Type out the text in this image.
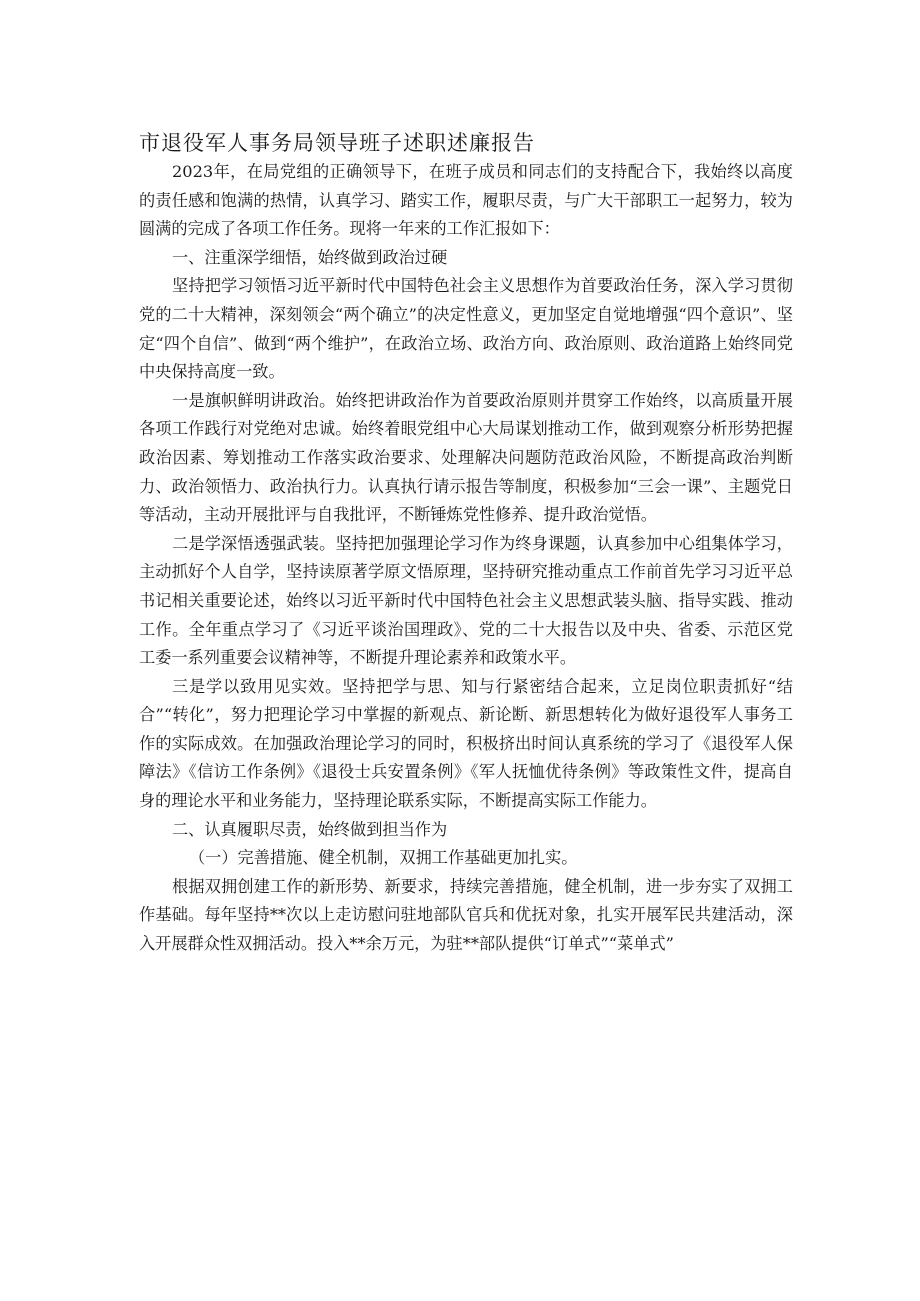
市退役军人事务局领导班子述职述廉报告

2023年，在局党组的正确领导下，在班子成员和同志们的支持配合下，我始终以高度的责任感和饱满的热情，认真学习、踏实工作，履职尽责，与广大干部职工一起努力，较为圆满的完成了各项工作任务。现将一年来的工作汇报如下：

一、注重深学细悟，始终做到政治过硬

坚持把学习领悟习近平新时代中国特色社会主义思想作为首要政治任务，深入学习贯彻党的二十大精神，深刻领会“两个确立”的决定性意义，更加坚定自觉地增强“四个意识”、坚定“四个自信”、做到“两个维护”，在政治立场、政治方向、政治原则、政治道路上始终同党中央保持高度一致。

一是旗帜鲜明讲政治。始终把讲政治作为首要政治原则并贯穿工作始终，以高质量开展各项工作践行对党绝对忠诚。始终着眼党组中心大局谋划推动工作，做到观察分析形势把握政治因素、筹划推动工作落实政治要求、处理解决问题防范政治风险，不断提高政治判断力、政治领悟力、政治执行力。认真执行请示报告等制度，积极参加“三会一课”、主题党日等活动，主动开展批评与自我批评，不断锤炼党性修养、提升政治觉悟。

二是学深悟透强武装。坚持把加强理论学习作为终身课题，认真参加中心组集体学习，主动抓好个人自学，坚持读原著学原文悟原理，坚持研究推动重点工作前首先学习习近平总书记相关重要论述，始终以习近平新时代中国特色社会主义思想武装头脑、指导实践、推动工作。全年重点学习了《习近平谈治国理政》、党的二十大报告以及中央、省委、示范区党工委一系列重要会议精神等，不断提升理论素养和政策水平。

三是学以致用见实效。坚持把学与思、知与行紧密结合起来，立足岗位职责抓好“结合”“转化”，努力把理论学习中掌握的新观点、新论断、新思想转化为做好退役军人事务工作的实际成效。在加强政治理论学习的同时，积极挤出时间认真系统的学习了《退役军人保障法》《信访工作条例》《退役士兵安置条例》《军人抚恤优待条例》等政策性文件，提高自身的理论水平和业务能力，坚持理论联系实际，不断提高实际工作能力。

二、认真履职尽责，始终做到担当作为

（一）完善措施、健全机制，双拥工作基础更加扎实。

根据双拥创建工作的新形势、新要求，持续完善措施，健全机制，进一步夯实了双拥工作基础。每年坚持**次以上走访慰问驻地部队官兵和优抚对象，扎实开展军民共建活动，深入开展群众性双拥活动。投入**余万元，为驻**部队提供“订单式”“菜单式”
